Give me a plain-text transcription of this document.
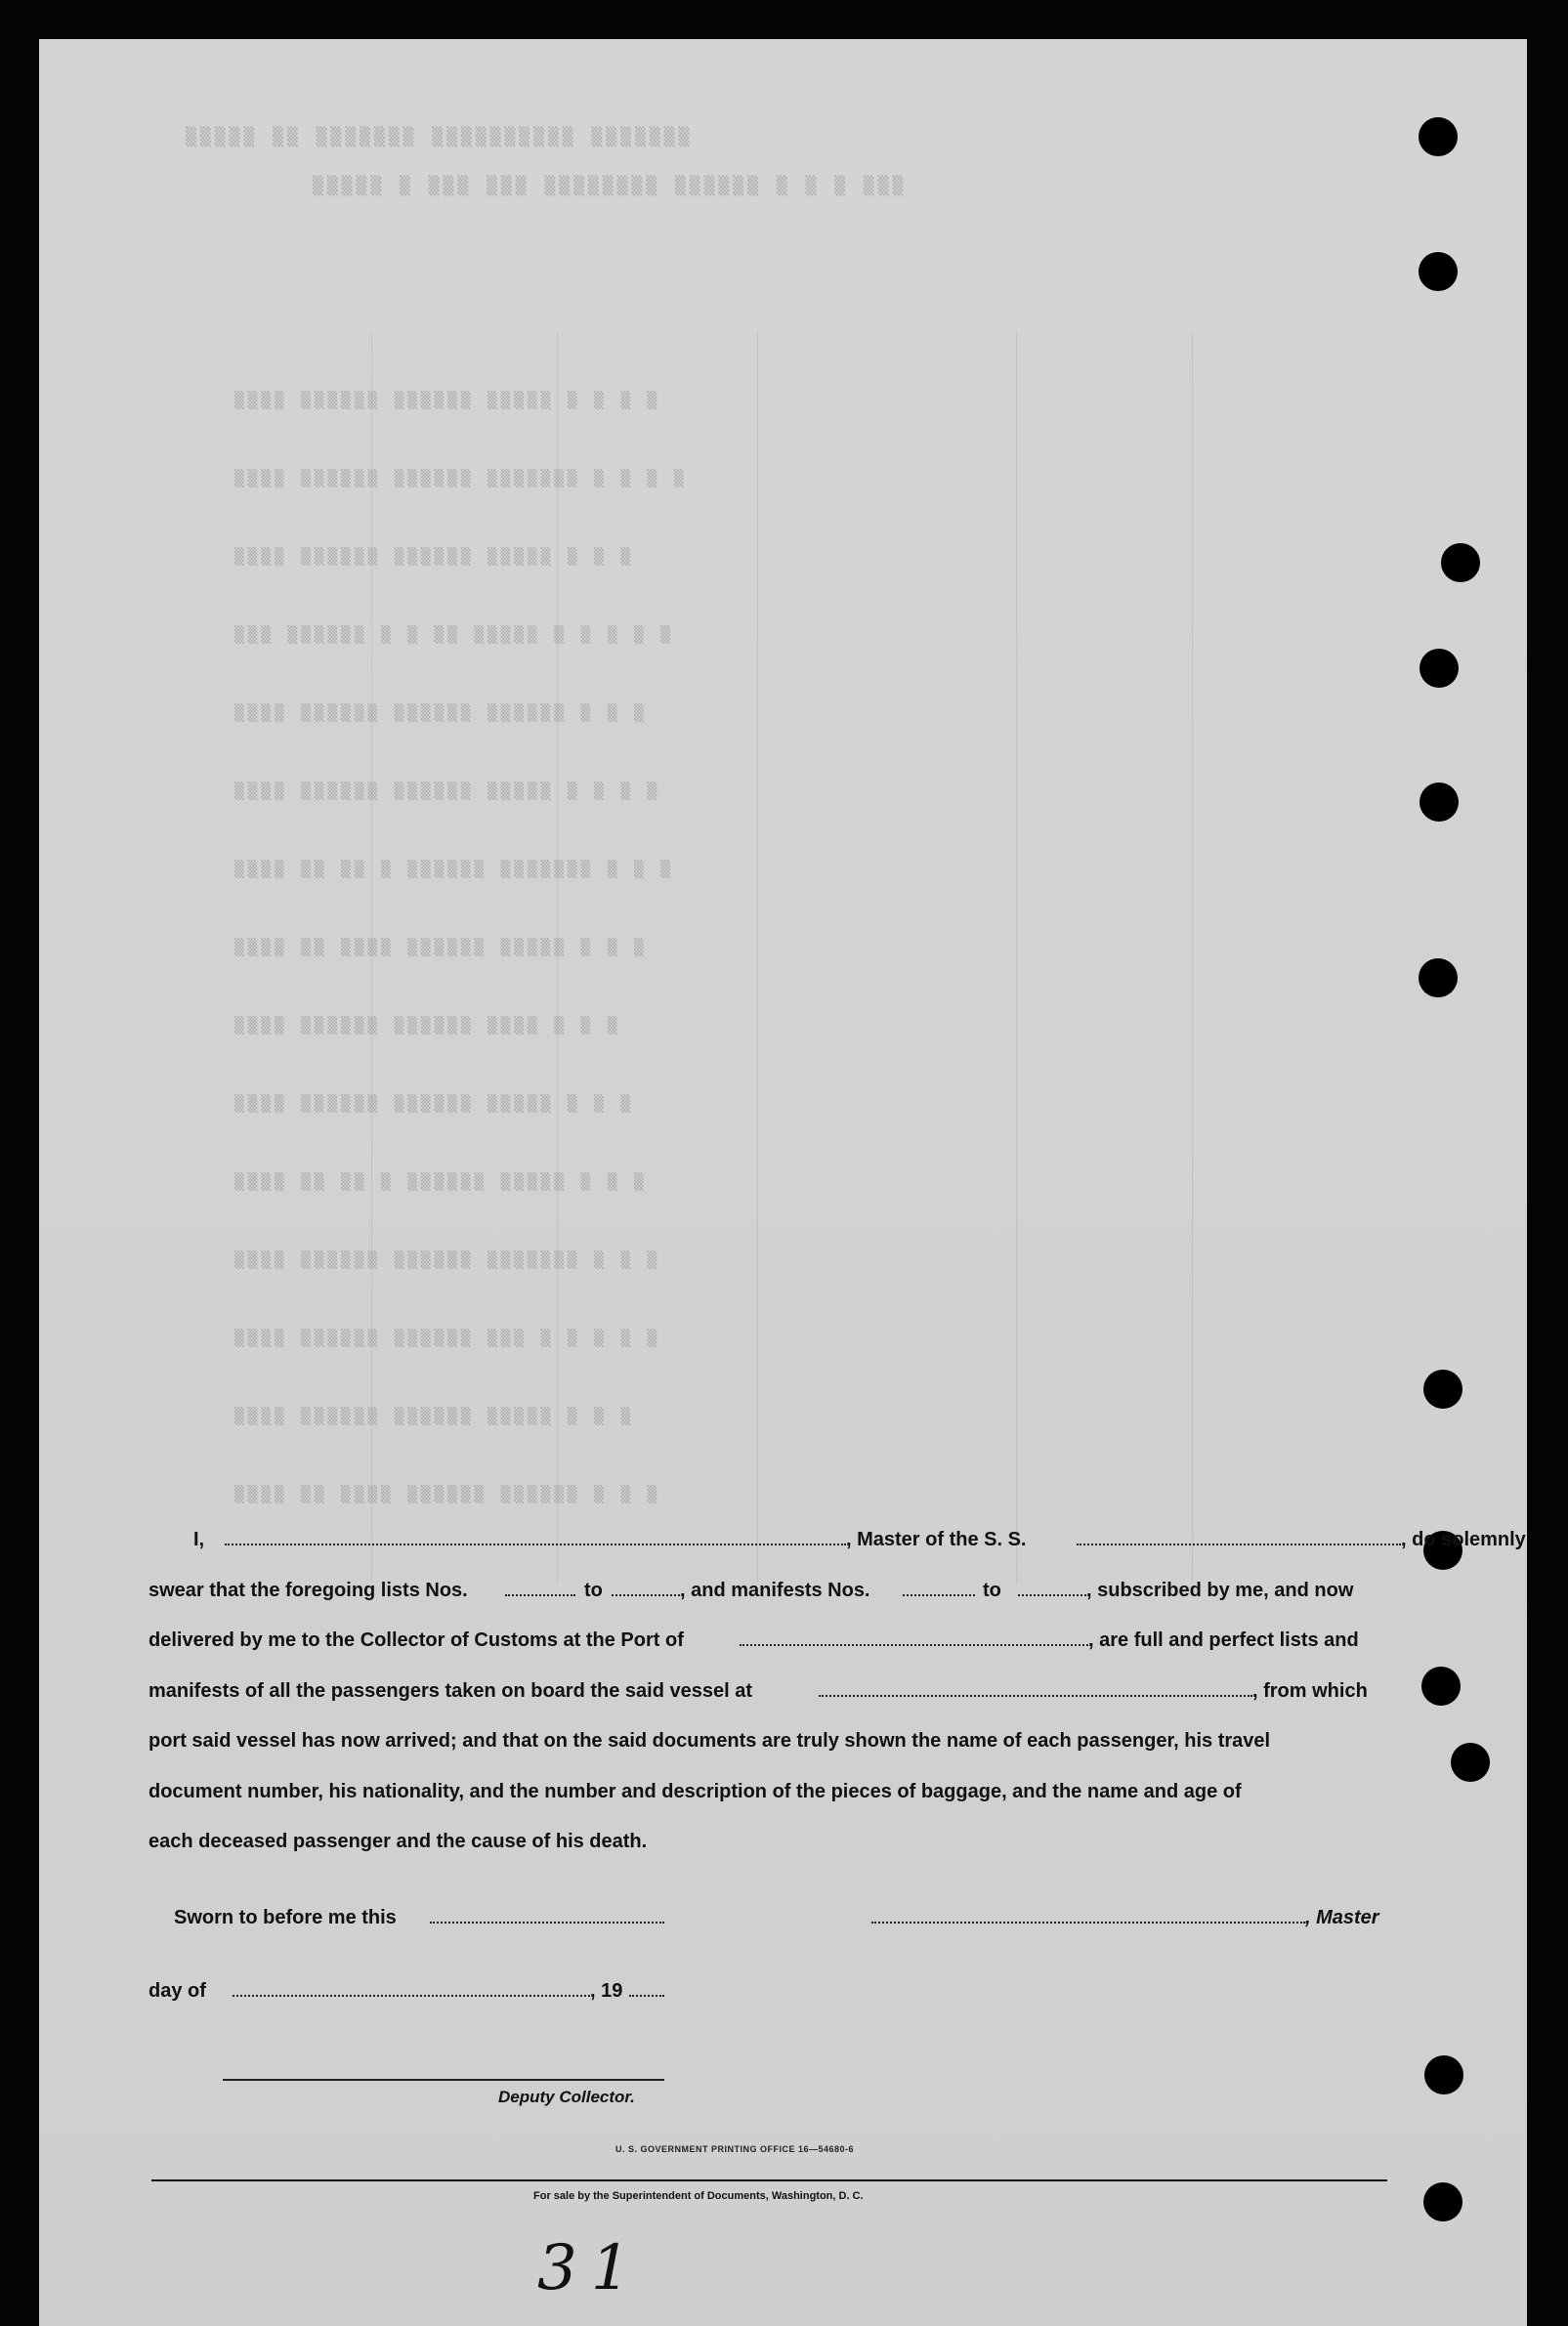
▒▒▒▒▒ ▒▒ ▒▒▒▒▒▒▒ ▒▒▒▒▒▒▒▒▒▒ ▒▒▒▒▒▒▒
▒▒▒▒▒ ▒ ▒▒▒ ▒▒▒ ▒▒▒▒▒▒▒▒ ▒▒▒▒▒▒ ▒ ▒ ▒ ▒▒▒
▒▒▒▒ ▒▒▒▒▒▒ ▒▒▒▒▒▒ ▒▒▒▒▒ ▒ ▒ ▒ ▒
▒▒▒▒ ▒▒▒▒▒▒ ▒▒▒▒▒▒ ▒▒▒▒▒▒▒ ▒ ▒ ▒ ▒
▒▒▒▒ ▒▒▒▒▒▒ ▒▒▒▒▒▒ ▒▒▒▒▒ ▒ ▒ ▒
▒▒▒ ▒▒▒▒▒▒ ▒ ▒ ▒▒ ▒▒▒▒▒ ▒ ▒ ▒ ▒ ▒
▒▒▒▒ ▒▒▒▒▒▒ ▒▒▒▒▒▒ ▒▒▒▒▒▒ ▒ ▒ ▒
▒▒▒▒ ▒▒▒▒▒▒ ▒▒▒▒▒▒ ▒▒▒▒▒ ▒ ▒ ▒ ▒
▒▒▒▒ ▒▒ ▒▒ ▒ ▒▒▒▒▒▒ ▒▒▒▒▒▒▒ ▒ ▒ ▒
▒▒▒▒ ▒▒ ▒▒▒▒ ▒▒▒▒▒▒ ▒▒▒▒▒ ▒ ▒ ▒
▒▒▒▒ ▒▒▒▒▒▒ ▒▒▒▒▒▒ ▒▒▒▒ ▒ ▒ ▒
▒▒▒▒ ▒▒▒▒▒▒ ▒▒▒▒▒▒ ▒▒▒▒▒ ▒ ▒ ▒
▒▒▒▒ ▒▒ ▒▒ ▒ ▒▒▒▒▒▒ ▒▒▒▒▒ ▒ ▒ ▒
▒▒▒▒ ▒▒▒▒▒▒ ▒▒▒▒▒▒ ▒▒▒▒▒▒▒ ▒ ▒ ▒
▒▒▒▒ ▒▒▒▒▒▒ ▒▒▒▒▒▒ ▒▒▒ ▒ ▒ ▒ ▒ ▒
▒▒▒▒ ▒▒▒▒▒▒ ▒▒▒▒▒▒ ▒▒▒▒▒ ▒ ▒ ▒
▒▒▒▒ ▒▒ ▒▒▒▒ ▒▒▒▒▒▒ ▒▒▒▒▒▒ ▒ ▒ ▒
I,	, Master of the S. S.	, do solemnly
swear that the foregoing lists Nos.	to	, and manifests Nos.	to	, subscribed by me, and now
delivered by me to the Collector of Customs at the Port of	, are full and perfect lists and
manifests of all the passengers taken on board the said vessel at	, from which
port said vessel has now arrived; and that on the said documents are truly shown the name of each passenger, his travel
document number, his nationality, and the number and description of the pieces of baggage, and the name and age of
each deceased passenger and the cause of his death.
Sworn to before me this	, Master
day of	, 19
Deputy Collector.
U. S. GOVERNMENT PRINTING OFFICE 16—54680-6
For sale by the Superintendent of Documents, Washington, D. C.
31
